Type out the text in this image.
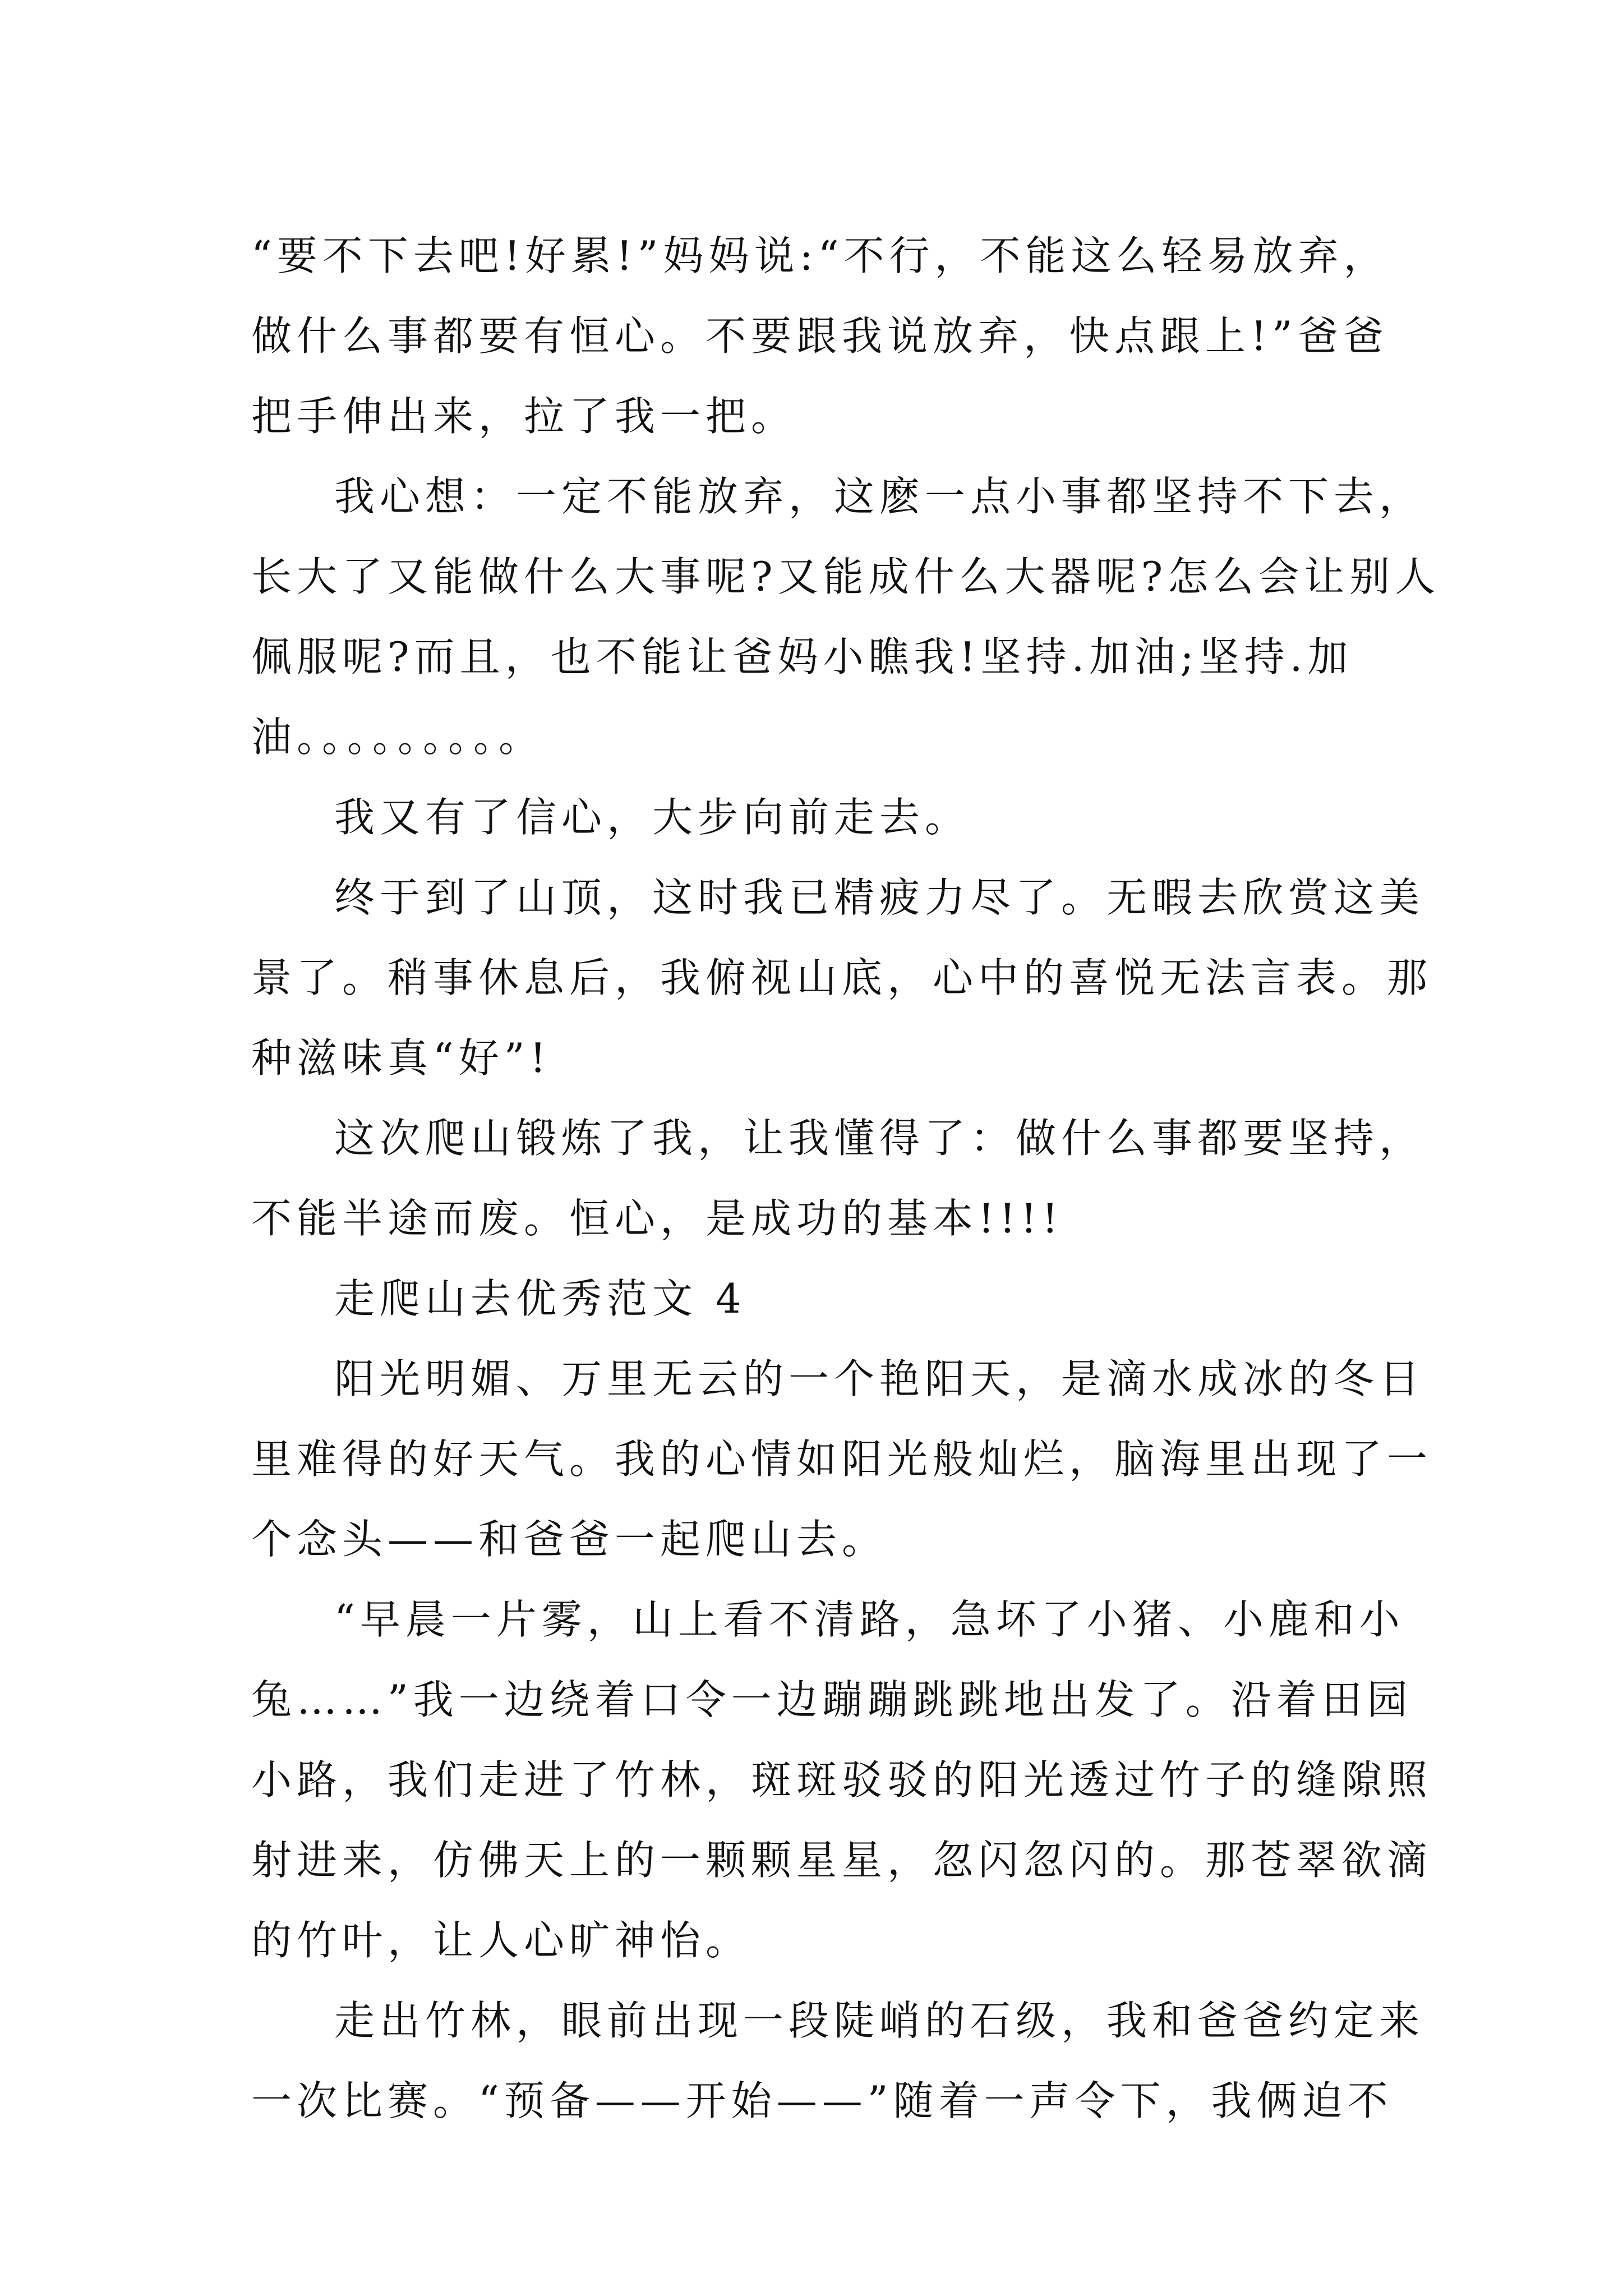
“要不下去吧!好累!”妈妈说:“不行，不能这么轻易放弃，
做什么事都要有恒心。不要跟我说放弃，快点跟上!”爸爸
把手伸出来，拉了我一把。
我心想：一定不能放弃，这麽一点小事都坚持不下去，
长大了又能做什么大事呢?又能成什么大器呢?怎么会让别人
佩服呢?而且，也不能让爸妈小瞧我!坚持.加油;坚持.加
油。。。。。。。。。
我又有了信心，大步向前走去。
终于到了山顶，这时我已精疲力尽了。无暇去欣赏这美
景了。稍事休息后，我俯视山底，心中的喜悦无法言表。那
种滋味真“好”!
这次爬山锻炼了我，让我懂得了：做什么事都要坚持，
不能半途而废。恒心，是成功的基本!!!!
走爬山去优秀范文 4
阳光明媚、万里无云的一个艳阳天，是滴水成冰的冬日
里难得的好天气。我的心情如阳光般灿烂，脑海里出现了一
个念头——和爸爸一起爬山去。
“早晨一片雾，山上看不清路，急坏了小猪、小鹿和小
兔……”我一边绕着口令一边蹦蹦跳跳地出发了。沿着田园
小路，我们走进了竹林，斑斑驳驳的阳光透过竹子的缝隙照
射进来，仿佛天上的一颗颗星星，忽闪忽闪的。那苍翠欲滴
的竹叶，让人心旷神怡。
走出竹林，眼前出现一段陡峭的石级，我和爸爸约定来
一次比赛。“预备——开始——”随着一声令下，我俩迫不
